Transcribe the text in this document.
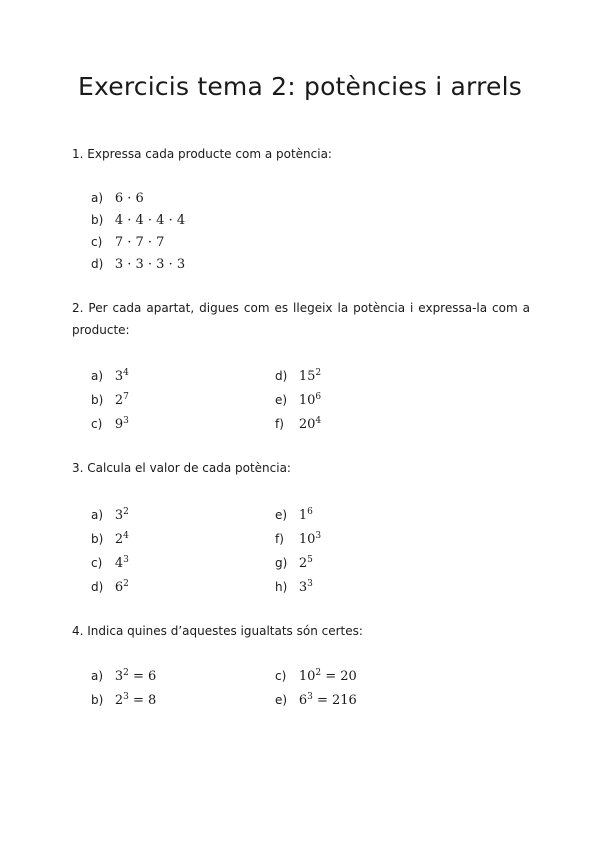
Exercicis tema 2: potències i arrels

1. Expressa cada producte com a potència:

a) 6 · 6
b) 4 · 4 · 4 · 4
c) 7 · 7 · 7
d) 3 · 3 · 3 · 3

2. Per cada apartat, digues com es llegeix la potència i expressa-la com a producte:

a) $3^4$
b) $2^7$
c) $9^3$
d) $15^2$
e) $10^6$
f) $20^4$

3. Calcula el valor de cada potència:

a) $3^2$
b) $2^4$
c) $4^3$
d) $6^2$
e) $1^6$
f) $10^3$
g) $2^5$
h) $3^3$

4. Indica quines d’aquestes igualtats són certes:

a) $3^2 = 6$
b) $2^3 = 8$
c) $10^2 = 20$
e) $6^3 = 216$
